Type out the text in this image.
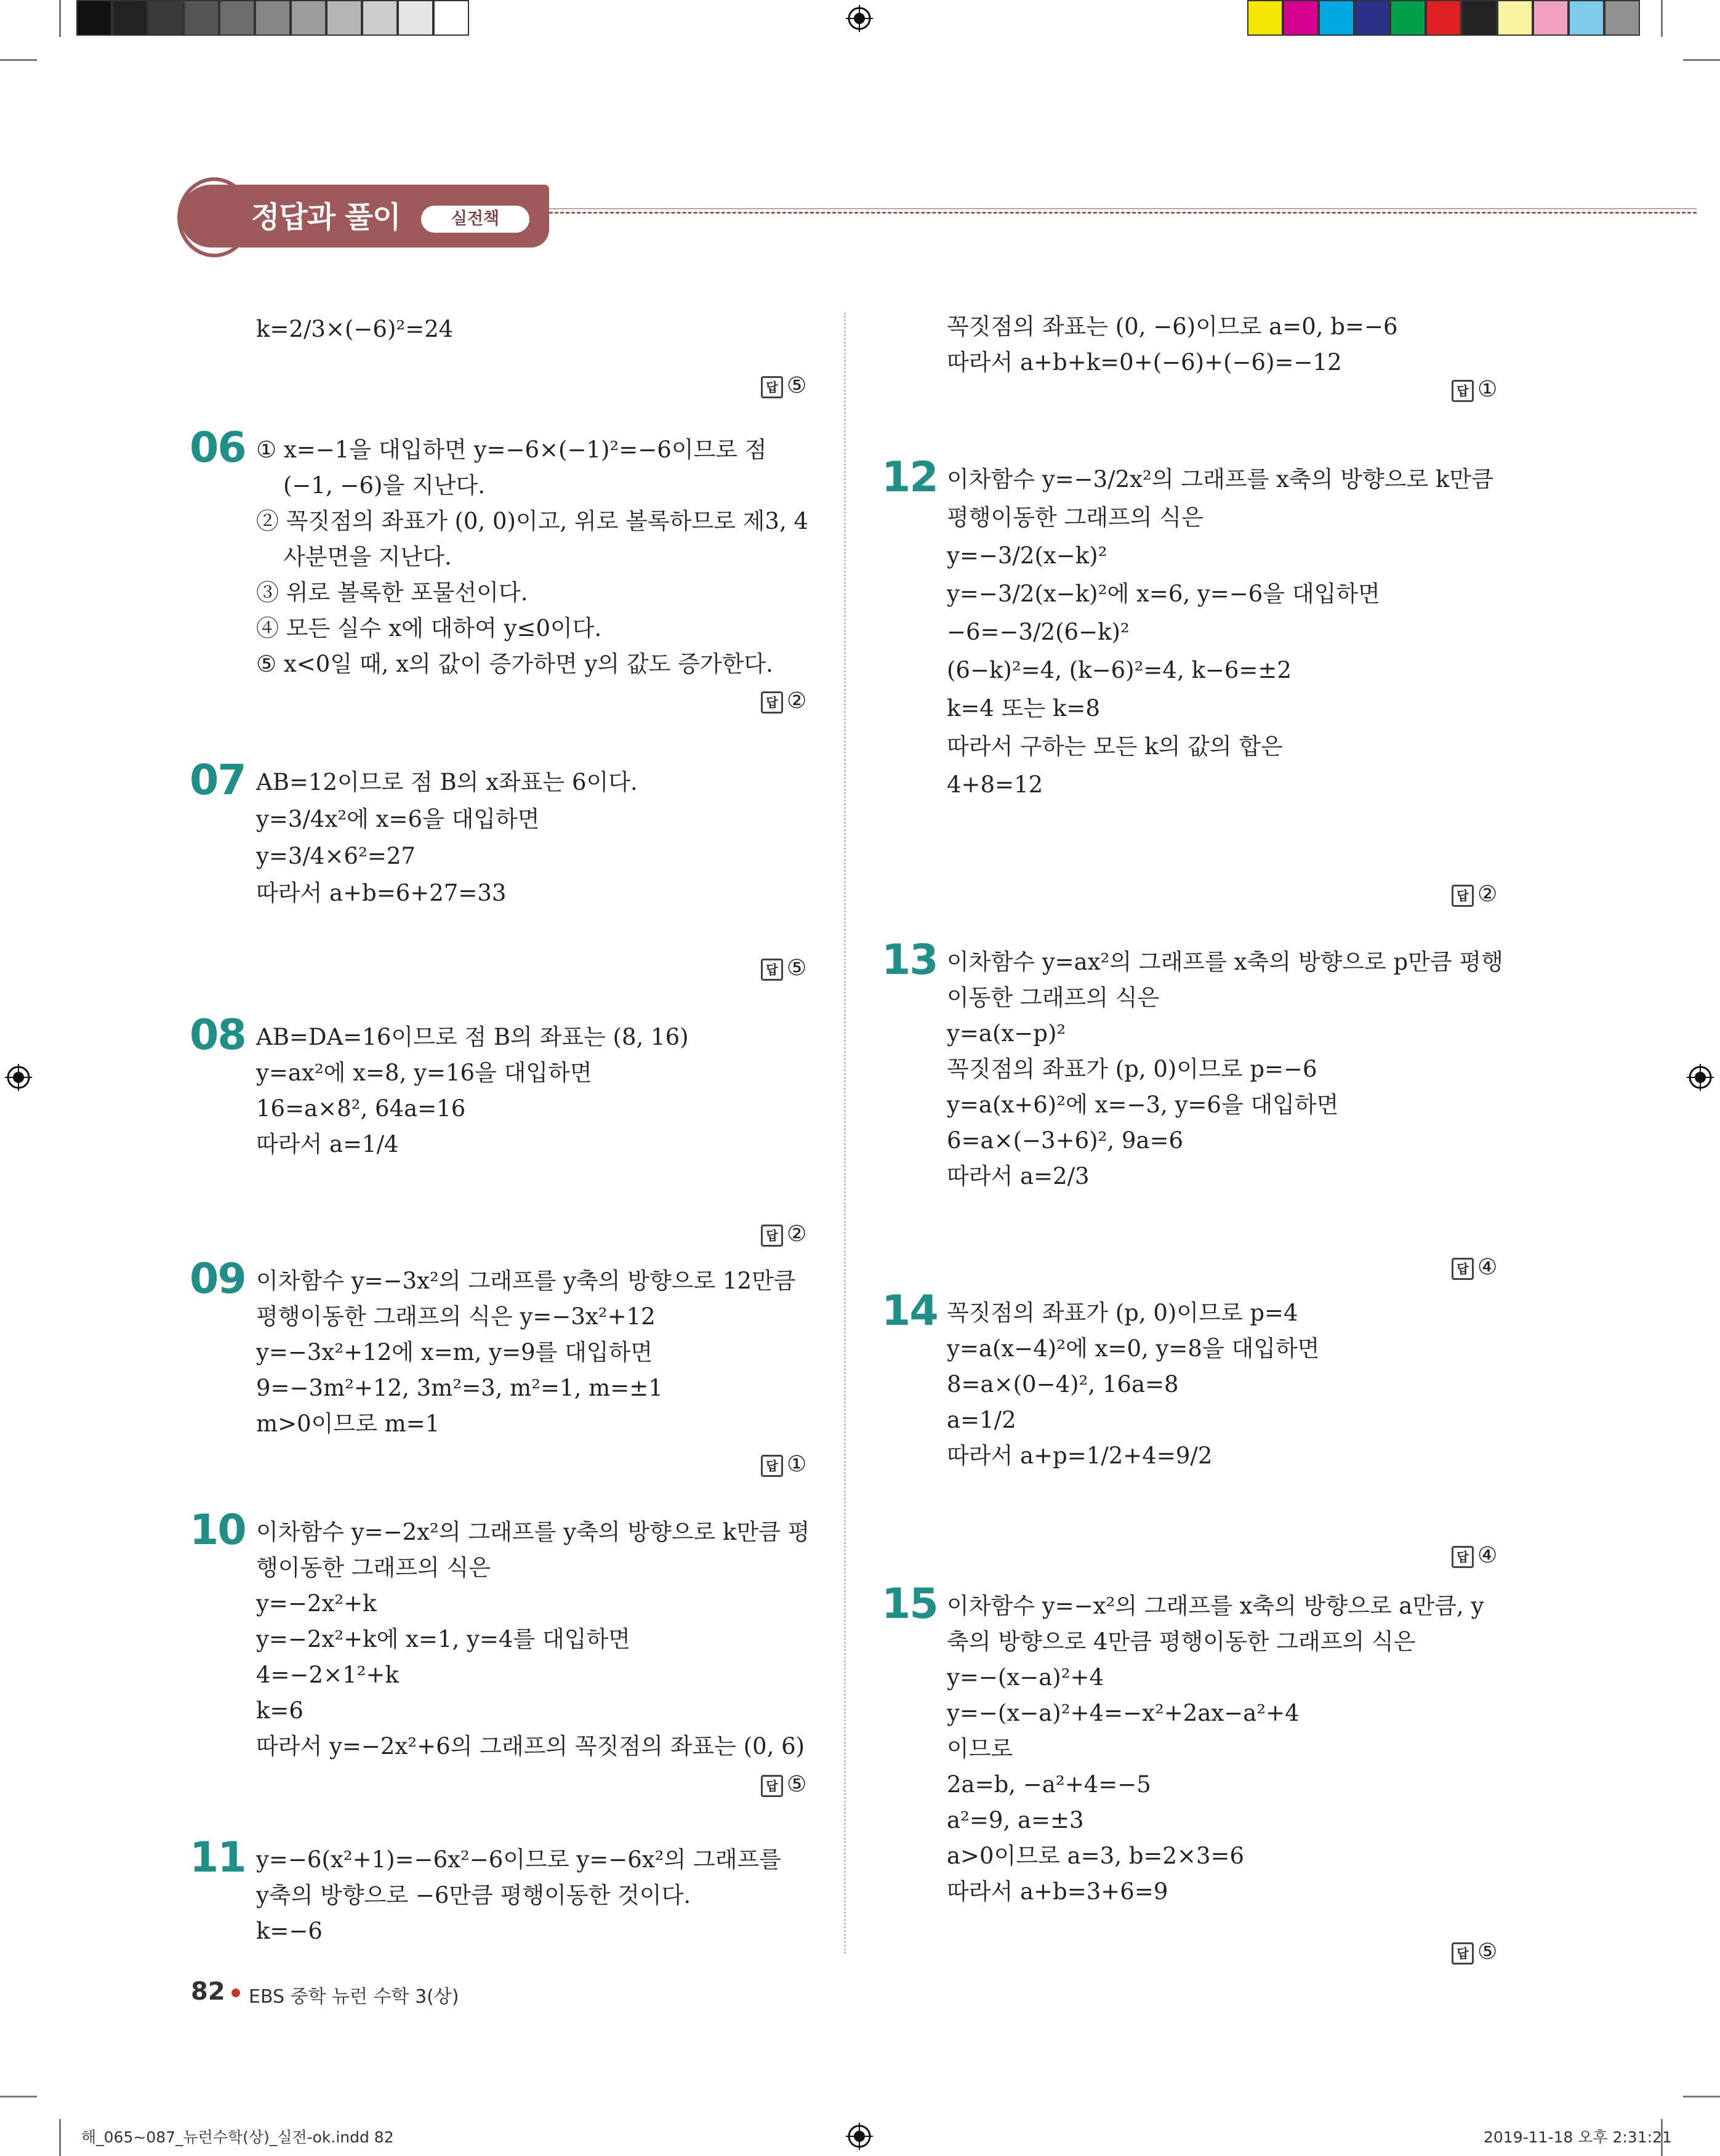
정답과 풀이	실전책
k=2/3×(−6)²=24
답 ⑤
06 ① x=−1을 대입하면 y=−6×(−1)²=−6이므로 점
(−1, −6)을 지난다.
② 꼭짓점의 좌표가 (0, 0)이고, 위로 볼록하므로 제3, 4
사분면을 지난다.
③ 위로 볼록한 포물선이다.
④ 모든 실수 x에 대하여 y≤0이다.
⑤ x<0일 때, x의 값이 증가하면 y의 값도 증가한다.
답 ②
07 AB=12이므로 점 B의 x좌표는 6이다.
y=3/4x²에 x=6을 대입하면
y=3/4×6²=27
따라서 a+b=6+27=33
답 ⑤
08 AB=DA=16이므로 점 B의 좌표는 (8, 16)
y=ax²에 x=8, y=16을 대입하면
16=a×8², 64a=16
따라서 a=1/4
답 ②
09 이차함수 y=−3x²의 그래프를 y축의 방향으로 12만큼
평행이동한 그래프의 식은 y=−3x²+12
y=−3x²+12에 x=m, y=9를 대입하면
9=−3m²+12, 3m²=3, m²=1, m=±1
m>0이므로 m=1
답 ①
10 이차함수 y=−2x²의 그래프를 y축의 방향으로 k만큼 평
행이동한 그래프의 식은
y=−2x²+k
y=−2x²+k에 x=1, y=4를 대입하면
4=−2×1²+k
k=6
따라서 y=−2x²+6의 그래프의 꼭짓점의 좌표는 (0, 6)
답 ⑤
11 y=−6(x²+1)=−6x²−6이므로 y=−6x²의 그래프를
y축의 방향으로 −6만큼 평행이동한 것이다.
k=−6
꼭짓점의 좌표는 (0, −6)이므로 a=0, b=−6
따라서 a+b+k=0+(−6)+(−6)=−12
답 ①
12 이차함수 y=−3/2x²의 그래프를 x축의 방향으로 k만큼
평행이동한 그래프의 식은
y=−3/2(x−k)²
y=−3/2(x−k)²에 x=6, y=−6을 대입하면
−6=−3/2(6−k)²
(6−k)²=4, (k−6)²=4, k−6=±2
k=4 또는 k=8
따라서 구하는 모든 k의 값의 합은
4+8=12
답 ②
13 이차함수 y=ax²의 그래프를 x축의 방향으로 p만큼 평행
이동한 그래프의 식은
y=a(x−p)²
꼭짓점의 좌표가 (p, 0)이므로 p=−6
y=a(x+6)²에 x=−3, y=6을 대입하면
6=a×(−3+6)², 9a=6
따라서 a=2/3
답 ④
14 꼭짓점의 좌표가 (p, 0)이므로 p=4
y=a(x−4)²에 x=0, y=8을 대입하면
8=a×(0−4)², 16a=8
a=1/2
따라서 a+p=1/2+4=9/2
답 ④
15 이차함수 y=−x²의 그래프를 x축의 방향으로 a만큼, y
축의 방향으로 4만큼 평행이동한 그래프의 식은
y=−(x−a)²+4
y=−(x−a)²+4=−x²+2ax−a²+4
이므로
2a=b, −a²+4=−5
a²=9, a=±3
a>0이므로 a=3, b=2×3=6
따라서 a+b=3+6=9
답 ⑤
82 EBS 중학 뉴런 수학 3(상)
해_065~087_뉴런수학(상)_실전-ok.indd 82	2019-11-18 오후 2:31:21
